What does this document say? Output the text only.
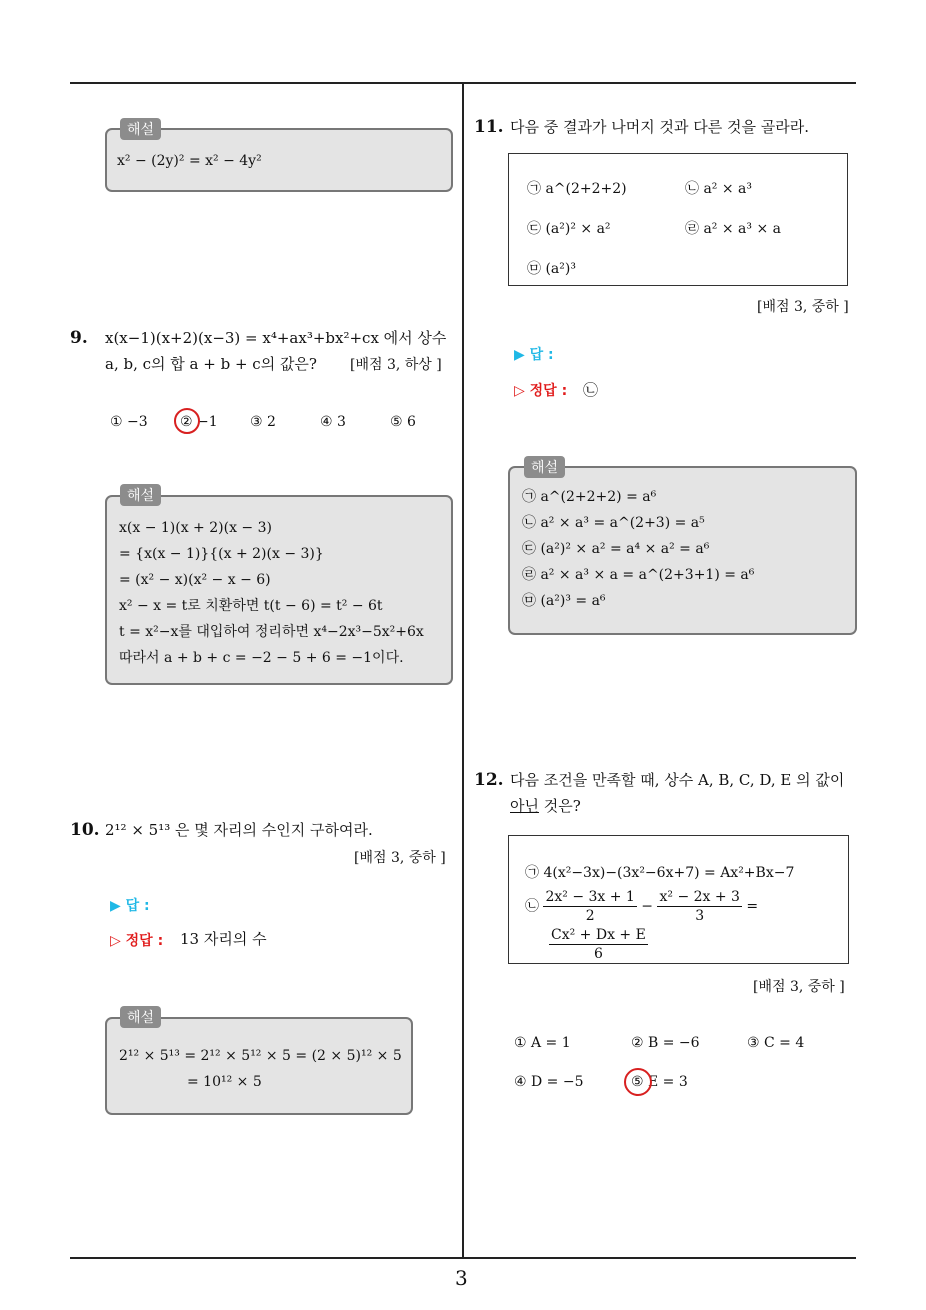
3
x² − (2y)² = x² − 4y²
해설
9. x(x−1)(x+2)(x−3) = x⁴+ax³+bx²+cx 에서 상수
a, b, c의 합 a + b + c의 값은? [배점 3, 하상 ]
① −3 ② −1 ③ 2	④ 3	⑤ 6
x(x − 1)(x + 2)(x − 3)
= {x(x − 1)}{(x + 2)(x − 3)}
= (x² − x)(x² − x − 6)
x² − x = t로 치환하면 t(t − 6) = t² − 6t
t = x²−x를 대입하여 정리하면 x⁴−2x³−5x²+6x
따라서 a + b + c = −2 − 5 + 6 = −1이다.
해설
10. 2¹² × 5¹³ 은 몇 자리의 수인지 구하여라.
[배점 3, 중하 ]
▶ 답 :
▷ 정답 : 13 자리의 수
2¹² × 5¹³ = 2¹² × 5¹² × 5 = (2 × 5)¹² × 5
= 10¹² × 5
해설
11. 다음 중 결과가 나머지 것과 다른 것을 골라라.
㉠ a^(2+2+2)	㉡ a² × a³
㉢ (a²)² × a²	㉣ a² × a³ × a
㉤ (a²)³
[배점 3, 중하 ]
▶ 답 :
▷ 정답 : ㉡
㉠ a^(2+2+2) = a⁶
㉡ a² × a³ = a^(2+3) = a⁵
㉢ (a²)² × a² = a⁴ × a² = a⁶
㉣ a² × a³ × a = a^(2+3+1) = a⁶
㉤ (a²)³ = a⁶
해설
12. 다음 조건을 만족할 때, 상수 A, B, C, D, E 의 값이
아닌 것은?
㉠ 4(x²−3x)−(3x²−6x+7) = Ax²+Bx−7
㉡ $\frac{\text{2x² − 3x + 1}}{2} - \frac{\text{x² − 2x + 3}}{3}$ =
$\frac{\text{Cx² + Dx + E}}{6}$
[배점 3, 중하 ]
① A = 1	② B = −6	③ C = 4
④ D = −5	⑤ E = 3
